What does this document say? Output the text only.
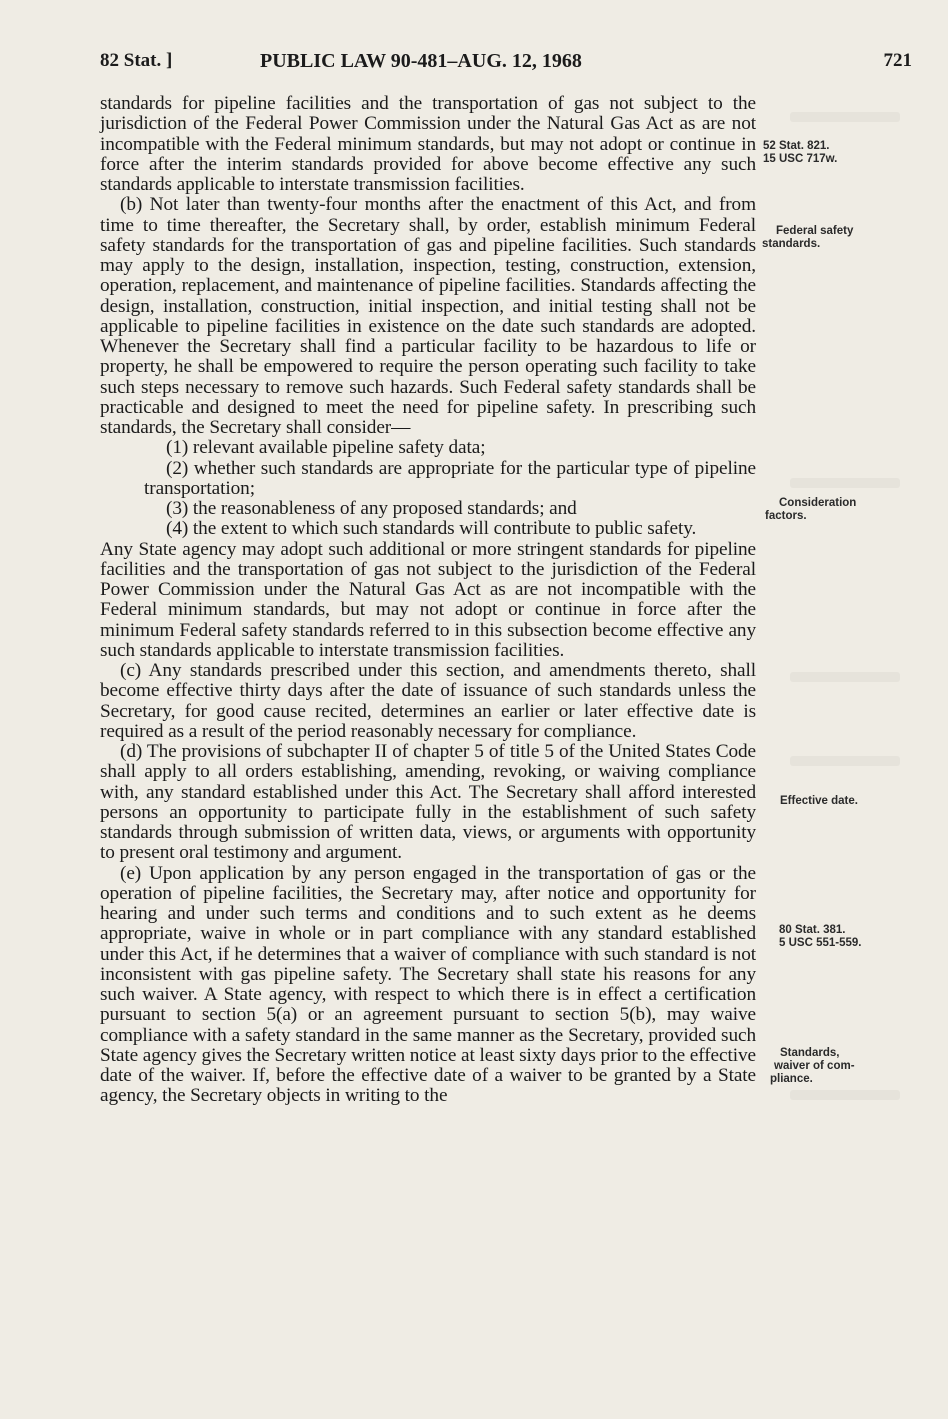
82 Stat. ]	PUBLIC LAW 90-481–AUG. 12, 1968	721

standards for pipeline facilities and the transportation of gas not subject to the jurisdiction of the Federal Power Commission under the Natural Gas Act as are not incompatible with the Federal minimum standards, but may not adopt or continue in force after the interim standards provided for above become effective any such standards applicable to interstate transmission facilities.

(b) Not later than twenty-four months after the enactment of this Act, and from time to time thereafter, the Secretary shall, by order, establish minimum Federal safety standards for the transportation of gas and pipeline facilities. Such standards may apply to the design, installation, inspection, testing, construction, extension, operation, replacement, and maintenance of pipeline facilities. Standards affecting the design, installation, construction, initial inspection, and initial testing shall not be applicable to pipeline facilities in existence on the date such standards are adopted. Whenever the Secretary shall find a particular facility to be hazardous to life or property, he shall be empowered to require the person operating such facility to take such steps necessary to remove such hazards. Such Federal safety standards shall be practicable and designed to meet the need for pipeline safety. In prescribing such standards, the Secretary shall consider—

(1) relevant available pipeline safety data;

(2) whether such standards are appropriate for the particular type of pipeline transportation;

(3) the reasonableness of any proposed standards; and

(4) the extent to which such standards will contribute to public safety.

Any State agency may adopt such additional or more stringent standards for pipeline facilities and the transportation of gas not subject to the jurisdiction of the Federal Power Commission under the Natural Gas Act as are not incompatible with the Federal minimum standards, but may not adopt or continue in force after the minimum Federal safety standards referred to in this subsection become effective any such standards applicable to interstate transmission facilities.

(c) Any standards prescribed under this section, and amendments thereto, shall become effective thirty days after the date of issuance of such standards unless the Secretary, for good cause recited, determines an earlier or later effective date is required as a result of the period reasonably necessary for compliance.

(d) The provisions of subchapter II of chapter 5 of title 5 of the United States Code shall apply to all orders establishing, amending, revoking, or waiving compliance with, any standard established under this Act. The Secretary shall afford interested persons an opportunity to participate fully in the establishment of such safety standards through submission of written data, views, or arguments with opportunity to present oral testimony and argument.

(e) Upon application by any person engaged in the transportation of gas or the operation of pipeline facilities, the Secretary may, after notice and opportunity for hearing and under such terms and conditions and to such extent as he deems appropriate, waive in whole or in part compliance with any standard established under this Act, if he determines that a waiver of compliance with such standard is not inconsistent with gas pipeline safety. The Secretary shall state his reasons for any such waiver. A State agency, with respect to which there is in effect a certification pursuant to section 5(a) or an agreement pursuant to section 5(b), may waive compliance with a safety standard in the same manner as the Secretary, provided such State agency gives the Secretary written notice at least sixty days prior to the effective date of the waiver. If, before the effective date of a waiver to be granted by a State agency, the Secretary objects in writing to the

52 Stat. 821.
15 USC 717w.
Federal safety
standards.
Consideration
factors.
Effective date.
80 Stat. 381.
5 USC 551-559.
Standards,
waiver of com-
pliance.
